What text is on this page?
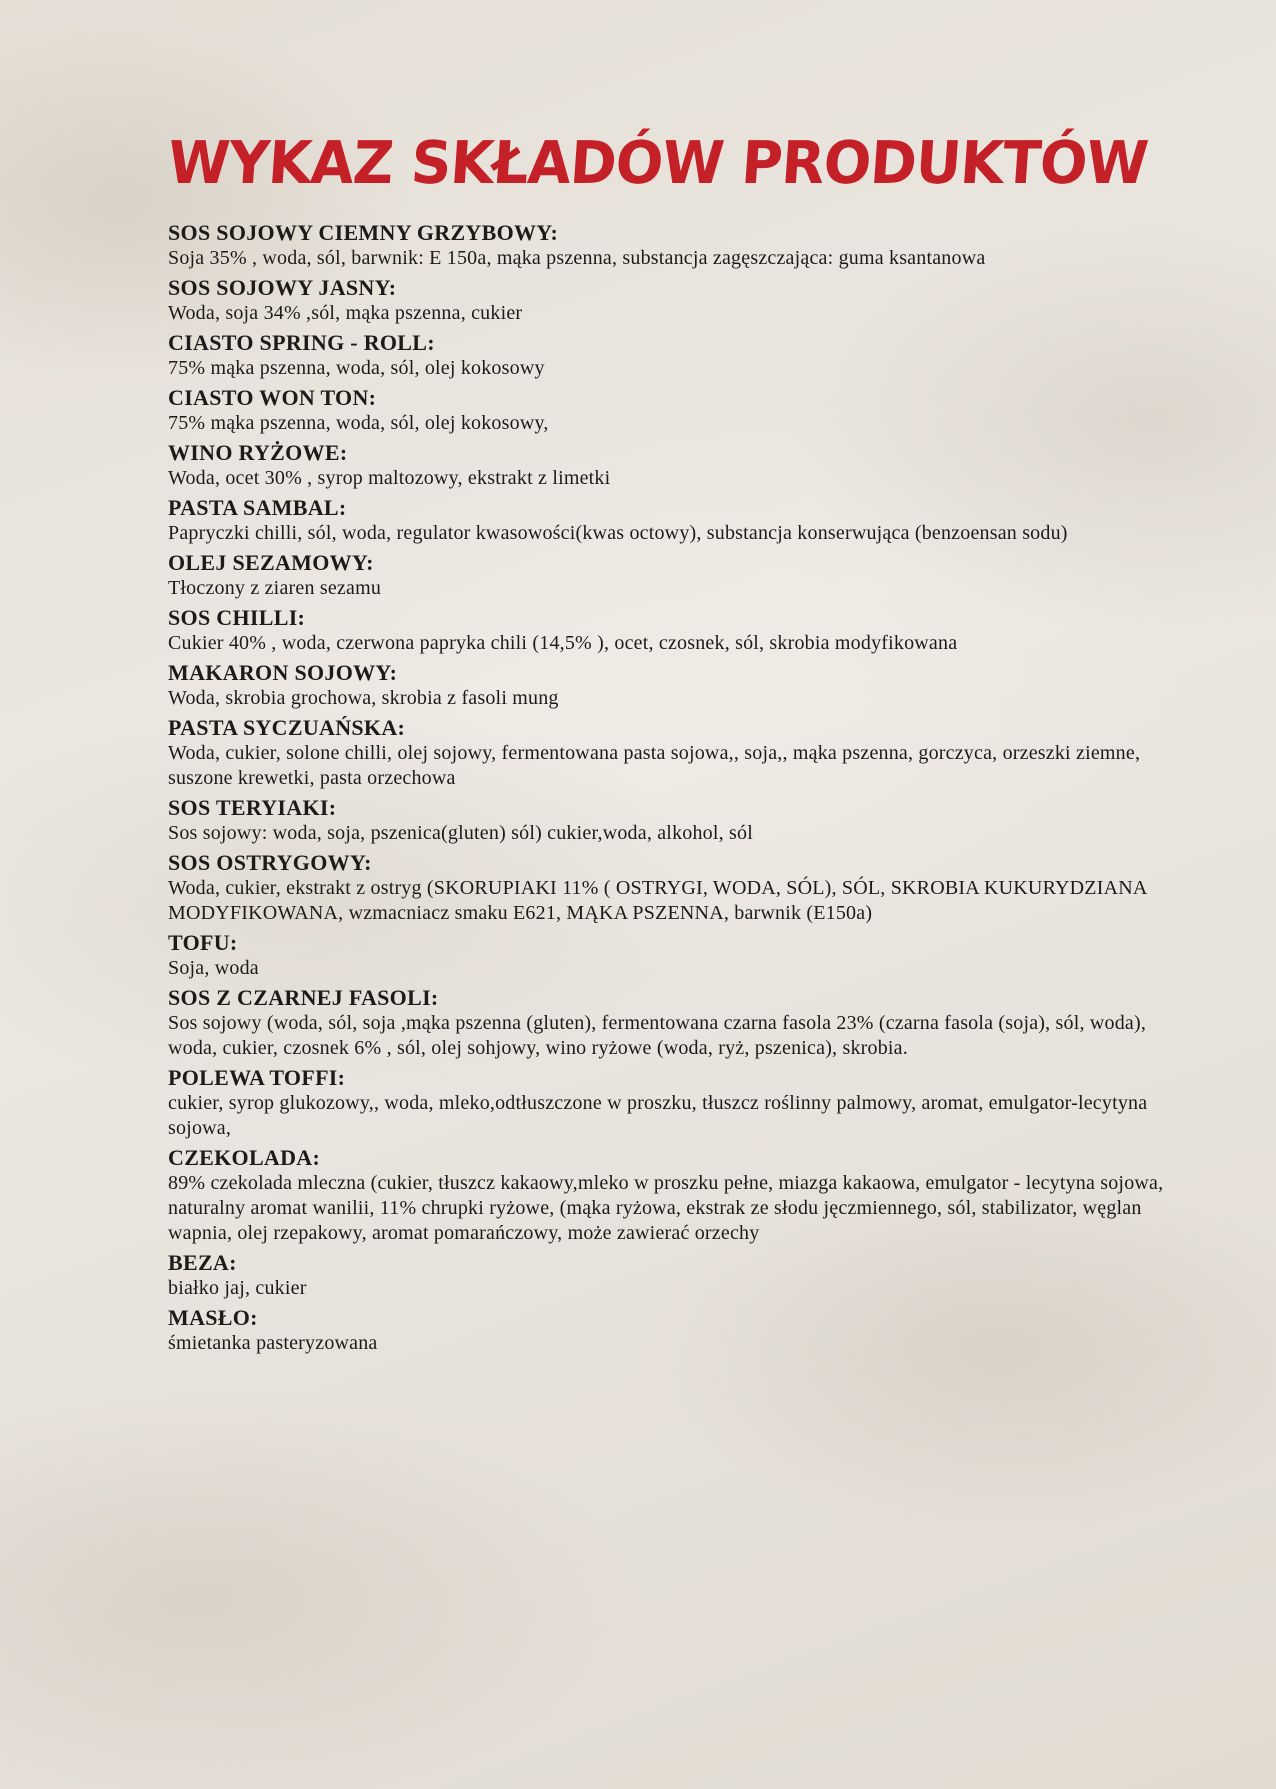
WYKAZ SKŁADÓW PRODUKTÓW
SOS SOJOWY CIEMNY GRZYBOWY:
Soja 35% , woda, sól, barwnik: E 150a, mąka pszenna, substancja zagęszczająca: guma ksantanowa
SOS SOJOWY JASNY:
Woda, soja 34% ,sól, mąka pszenna, cukier
CIASTO SPRING - ROLL:
75% mąka pszenna, woda, sól, olej kokosowy
CIASTO WON TON:
75% mąka pszenna, woda, sól, olej kokosowy,
WINO RYŻOWE:
Woda, ocet 30% , syrop maltozowy, ekstrakt z limetki
PASTA SAMBAL:
Papryczki chilli, sól, woda, regulator kwasowości(kwas octowy), substancja konserwująca (benzoensan sodu)
OLEJ SEZAMOWY:
Tłoczony z ziaren sezamu
SOS CHILLI:
Cukier 40% , woda, czerwona papryka chili (14,5% ), ocet, czosnek, sól, skrobia modyfikowana
MAKARON SOJOWY:
Woda, skrobia grochowa, skrobia z fasoli mung
PASTA SYCZUAŃSKA:
Woda, cukier, solone chilli, olej sojowy, fermentowana pasta sojowa,, soja,, mąka pszenna, gorczyca, orzeszki ziemne, suszone krewetki, pasta orzechowa
SOS TERYIAKI:
Sos sojowy: woda, soja, pszenica(gluten) sól) cukier,woda, alkohol, sól
SOS OSTRYGOWY:
Woda, cukier, ekstrakt z ostryg (SKORUPIAKI 11% ( OSTRYGI, WODA, SÓL), SÓL, SKROBIA KUKURYDZIANA MODYFIKOWANA, wzmacniacz smaku E621, MĄKA PSZENNA, barwnik (E150a)
TOFU:
Soja, woda
SOS Z CZARNEJ FASOLI:
Sos sojowy (woda, sól, soja ,mąka pszenna (gluten), fermentowana czarna fasola 23% (czarna fasola (soja), sól, woda), woda, cukier, czosnek 6% , sól, olej sohjowy, wino ryżowe (woda, ryż, pszenica), skrobia.
POLEWA TOFFI:
cukier, syrop glukozowy,, woda, mleko,odtłuszczone w proszku, tłuszcz roślinny palmowy, aromat, emulgator-lecytyna sojowa,
CZEKOLADA:
89% czekolada mleczna (cukier, tłuszcz kakaowy,mleko w proszku pełne, miazga kakaowa, emulgator - lecytyna sojowa, naturalny aromat wanilii, 11% chrupki ryżowe, (mąka ryżowa, ekstrak ze słodu jęczmiennego, sól, stabilizator, węglan wapnia, olej rzepakowy, aromat pomarańczowy, może zawierać orzechy
BEZA:
białko jaj, cukier
MASŁO:
śmietanka pasteryzowana
